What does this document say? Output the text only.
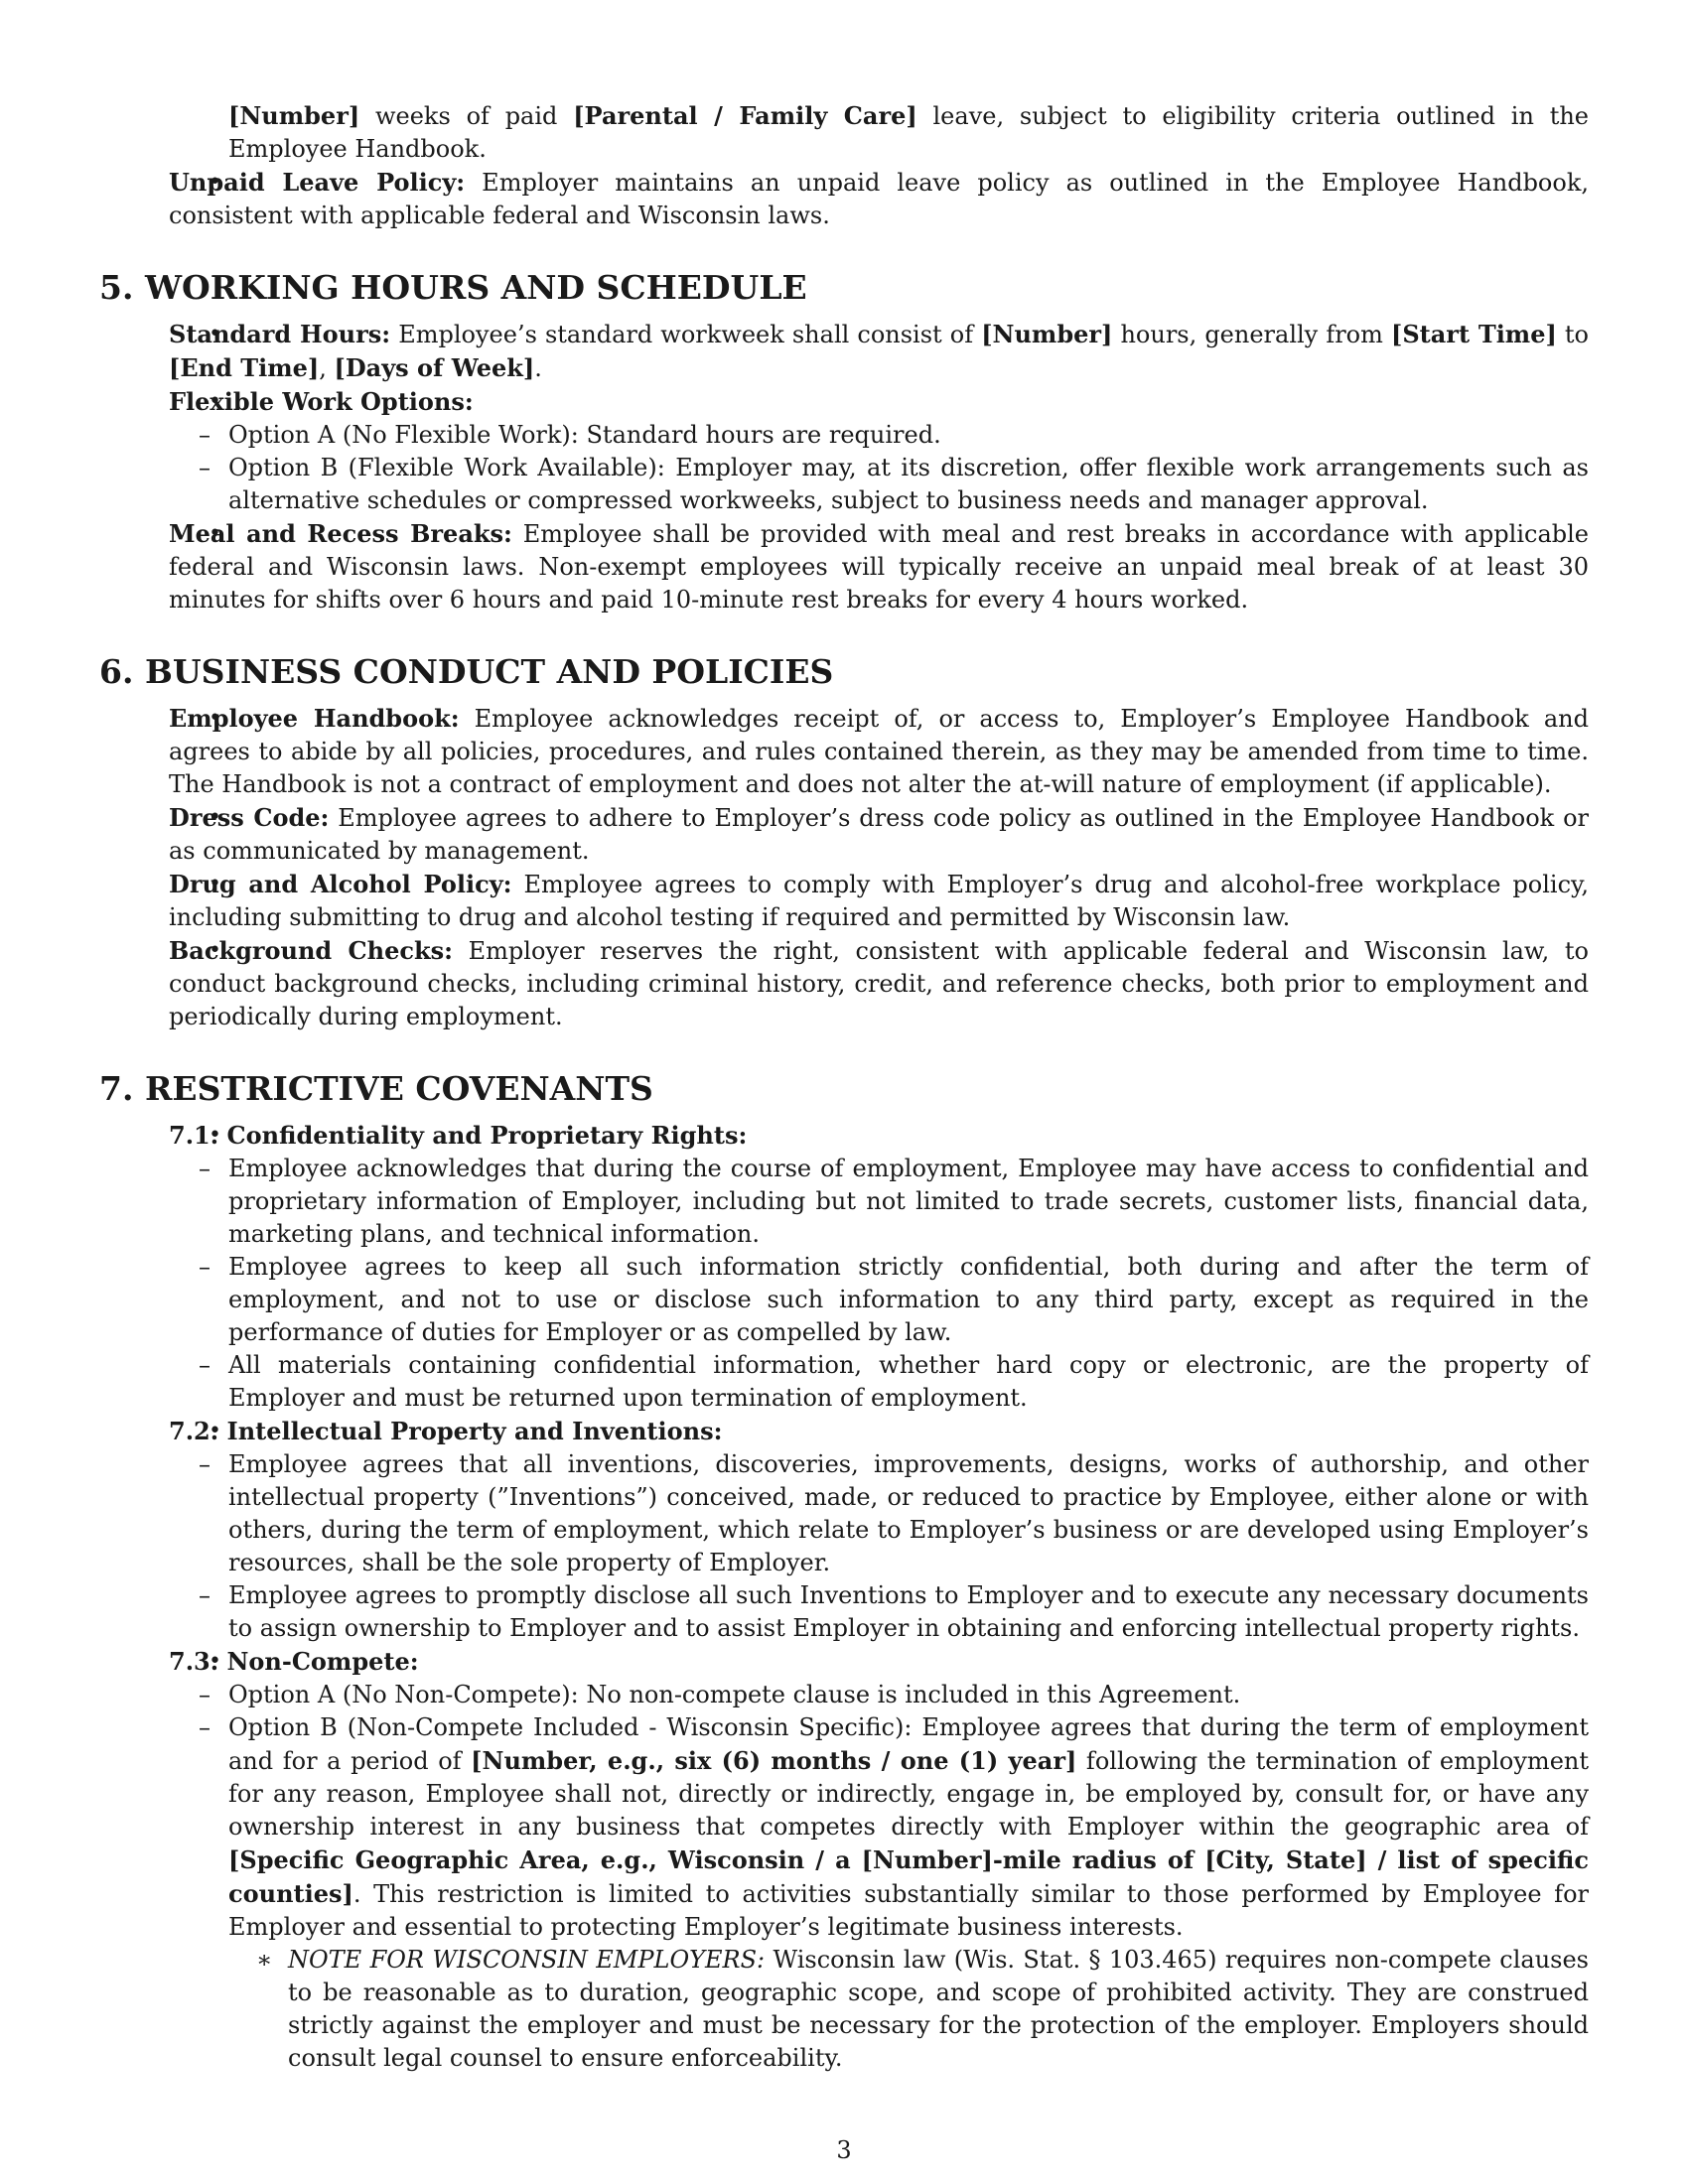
[Number] weeks of paid [Parental / Family Care] leave, subject to eligibility criteria outlined in the Employee Handbook.
• Unpaid Leave Policy: Employer maintains an unpaid leave policy as outlined in the Employee Handbook, consistent with applicable federal and Wisconsin laws.
5. WORKING HOURS AND SCHEDULE
• Standard Hours: Employee’s standard workweek shall consist of [Number] hours, generally from [Start Time] to [End Time], [Days of Week].
• Flexible Work Options:
– Option A (No Flexible Work): Standard hours are required.
– Option B (Flexible Work Available): Employer may, at its discretion, offer flexible work arrangements such as alternative schedules or compressed workweeks, subject to business needs and manager approval.
• Meal and Recess Breaks: Employee shall be provided with meal and rest breaks in accordance with applicable federal and Wisconsin laws. Non-exempt employees will typically receive an unpaid meal break of at least 30 minutes for shifts over 6 hours and paid 10-minute rest breaks for every 4 hours worked.
6. BUSINESS CONDUCT AND POLICIES
• Employee Handbook: Employee acknowledges receipt of, or access to, Employer’s Employee Handbook and agrees to abide by all policies, procedures, and rules contained therein, as they may be amended from time to time. The Handbook is not a contract of employment and does not alter the at-will nature of employment (if applicable).
• Dress Code: Employee agrees to adhere to Employer’s dress code policy as outlined in the Employee Handbook or as communicated by management.
• Drug and Alcohol Policy: Employee agrees to comply with Employer’s drug and alcohol-free workplace policy, including submitting to drug and alcohol testing if required and permitted by Wisconsin law.
• Background Checks: Employer reserves the right, consistent with applicable federal and Wisconsin law, to conduct background checks, including criminal history, credit, and reference checks, both prior to employment and periodically during employment.
7. RESTRICTIVE COVENANTS
• 7.1. Confidentiality and Proprietary Rights:
– Employee acknowledges that during the course of employment, Employee may have access to confidential and proprietary information of Employer, including but not limited to trade secrets, customer lists, financial data, marketing plans, and technical information.
– Employee agrees to keep all such information strictly confidential, both during and after the term of employment, and not to use or disclose such information to any third party, except as required in the performance of duties for Employer or as compelled by law.
– All materials containing confidential information, whether hard copy or electronic, are the property of Employer and must be returned upon termination of employment.
• 7.2. Intellectual Property and Inventions:
– Employee agrees that all inventions, discoveries, improvements, designs, works of authorship, and other intellectual property (”Inventions”) conceived, made, or reduced to practice by Employee, either alone or with others, during the term of employment, which relate to Employer’s business or are developed using Employer’s resources, shall be the sole property of Employer.
– Employee agrees to promptly disclose all such Inventions to Employer and to execute any necessary documents to assign ownership to Employer and to assist Employer in obtaining and enforcing intellectual property rights.
• 7.3. Non-Compete:
– Option A (No Non-Compete): No non-compete clause is included in this Agreement.
– Option B (Non-Compete Included - Wisconsin Specific): Employee agrees that during the term of employment and for a period of [Number, e.g., six (6) months / one (1) year] following the termination of employment for any reason, Employee shall not, directly or indirectly, engage in, be employed by, consult for, or have any ownership interest in any business that competes directly with Employer within the geographic area of [Specific Geographic Area, e.g., Wisconsin / a [Number]-mile radius of [City, State] / list of specific counties]. This restriction is limited to activities substantially similar to those performed by Employee for Employer and essential to protecting Employer’s legitimate business interests.
∗ NOTE FOR WISCONSIN EMPLOYERS: Wisconsin law (Wis. Stat. § 103.465) requires non-compete clauses to be reasonable as to duration, geographic scope, and scope of prohibited activity. They are construed strictly against the employer and must be necessary for the protection of the employer. Employers should consult legal counsel to ensure enforceability.
3
